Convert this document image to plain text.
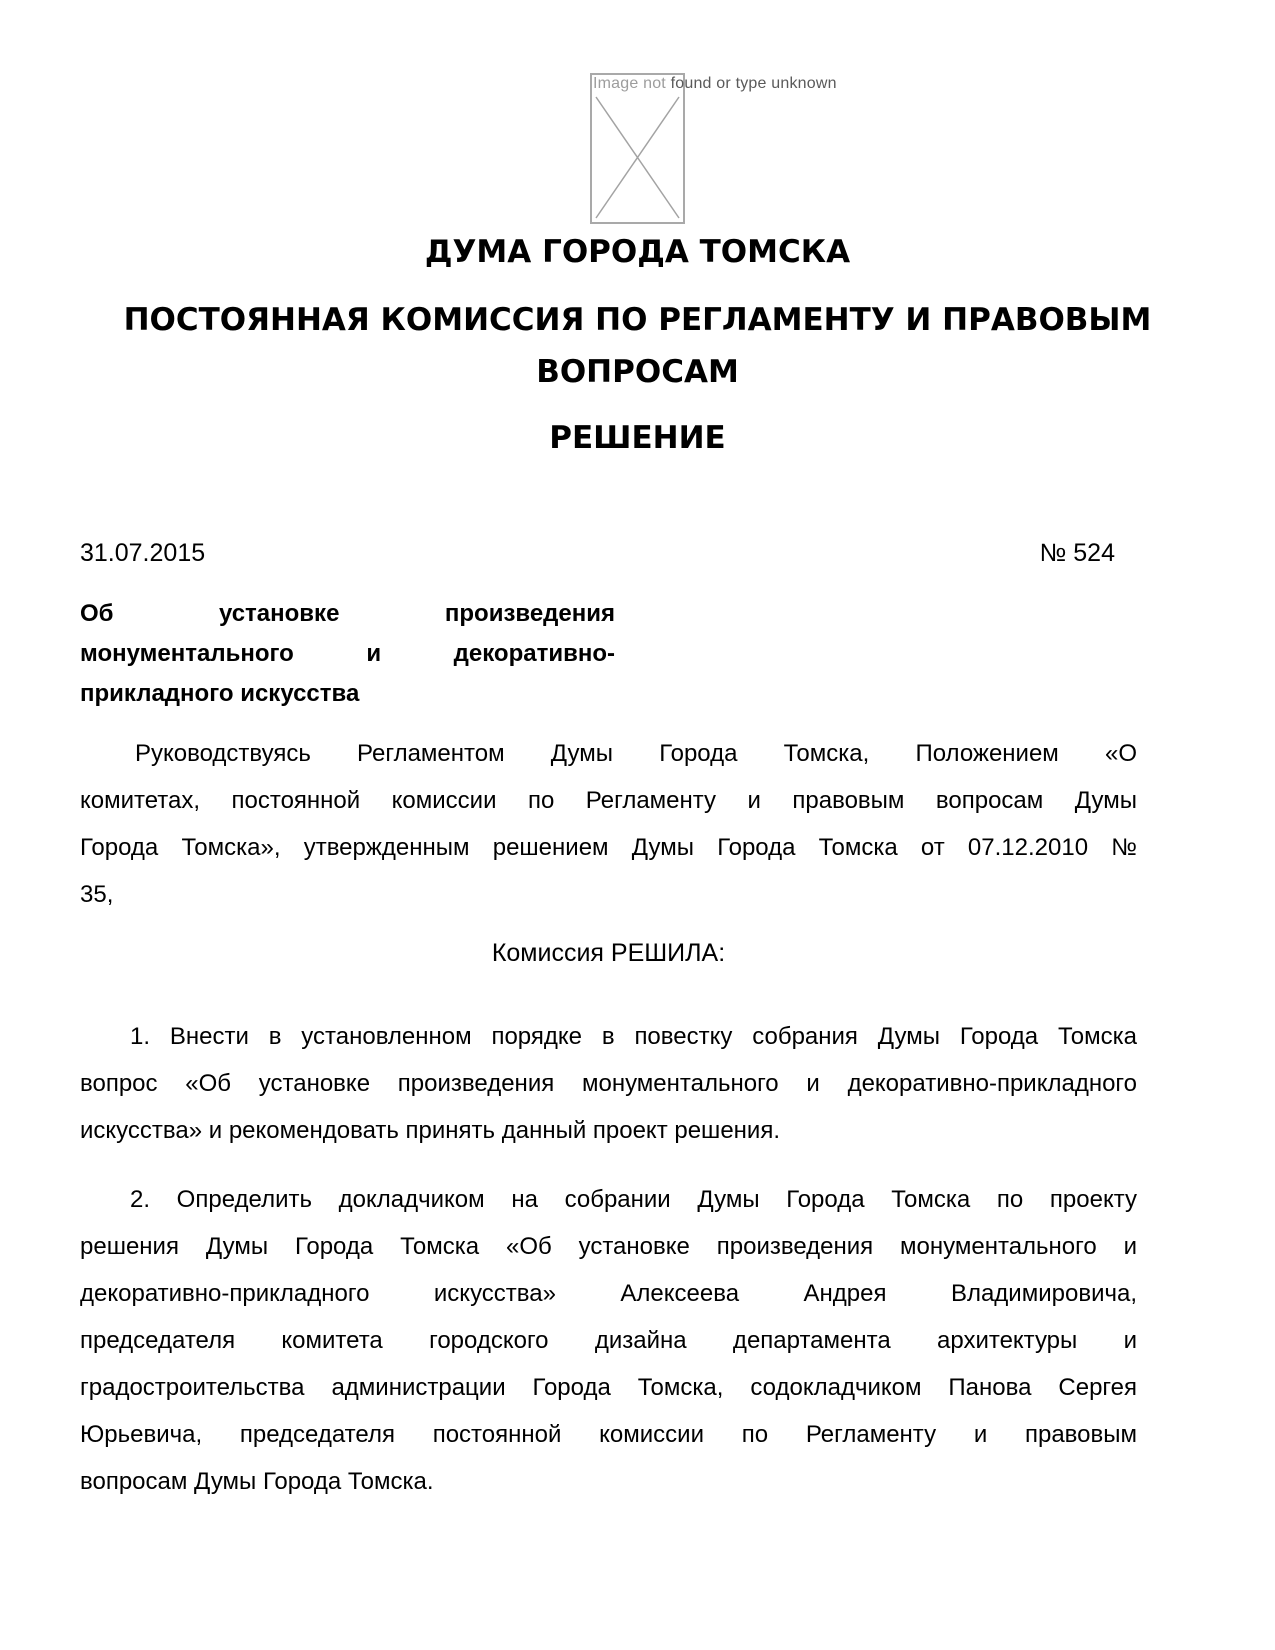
Image not found or type unknown
ДУМА ГОРОДА ТОМСКА
ПОСТОЯННАЯ КОМИССИЯ ПО РЕГЛАМЕНТУ И ПРАВОВЫМ
ВОПРОСАМ
РЕШЕНИЕ
31.07.2015	№ 524
Об установке произведения
монументального и декоративно-
прикладного искусства
Руководствуясь Регламентом Думы Города Томска, Положением «О
комитетах, постоянной комиссии по Регламенту и правовым вопросам Думы
Города Томска», утвержденным решением Думы Города Томска от 07.12.2010 №
35,
Комиссия РЕШИЛА:
1. Внести в установленном порядке в повестку собрания Думы Города Томска
вопрос «Об установке произведения монументального и декоративно-прикладного
искусства» и рекомендовать принять данный проект решения.
2. Определить докладчиком на собрании Думы Города Томска по проекту
решения Думы Города Томска «Об установке произведения монументального и
декоративно-прикладного искусства» Алексеева Андрея Владимировича,
председателя комитета городского дизайна департамента архитектуры и
градостроительства администрации Города Томска, содокладчиком Панова Сергея
Юрьевича, председателя постоянной комиссии по Регламенту и правовым
вопросам Думы Города Томска.
